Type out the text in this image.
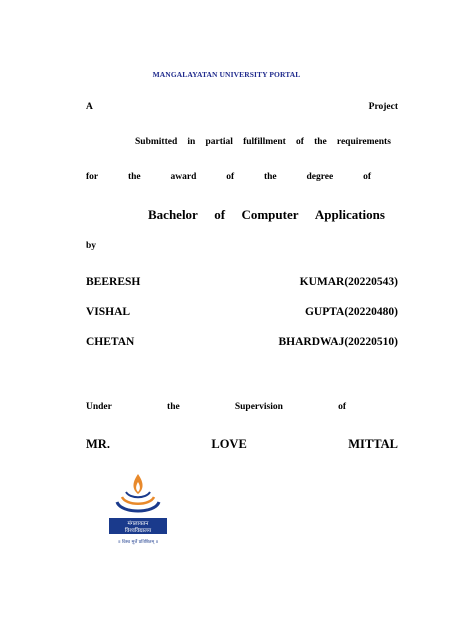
MANGALAYATAN UNIVERSITY PORTAL
A	Project
Submitted in partial fulfillment of the requirements
for	the	award	of	the	degree	of
Bachelor of Computer Applications
by
BEERESH	KUMAR(20220543)
VISHAL	GUPTA(20220480)
CHETAN	BHARDWAJ(20220510)
Under	the	Supervision	of
MR.	LOVE	MITTAL
मंगलायतन
विश्वविद्यालय
॥ विश्व मूर्त्ते प्रतिष्ठितम् ॥
